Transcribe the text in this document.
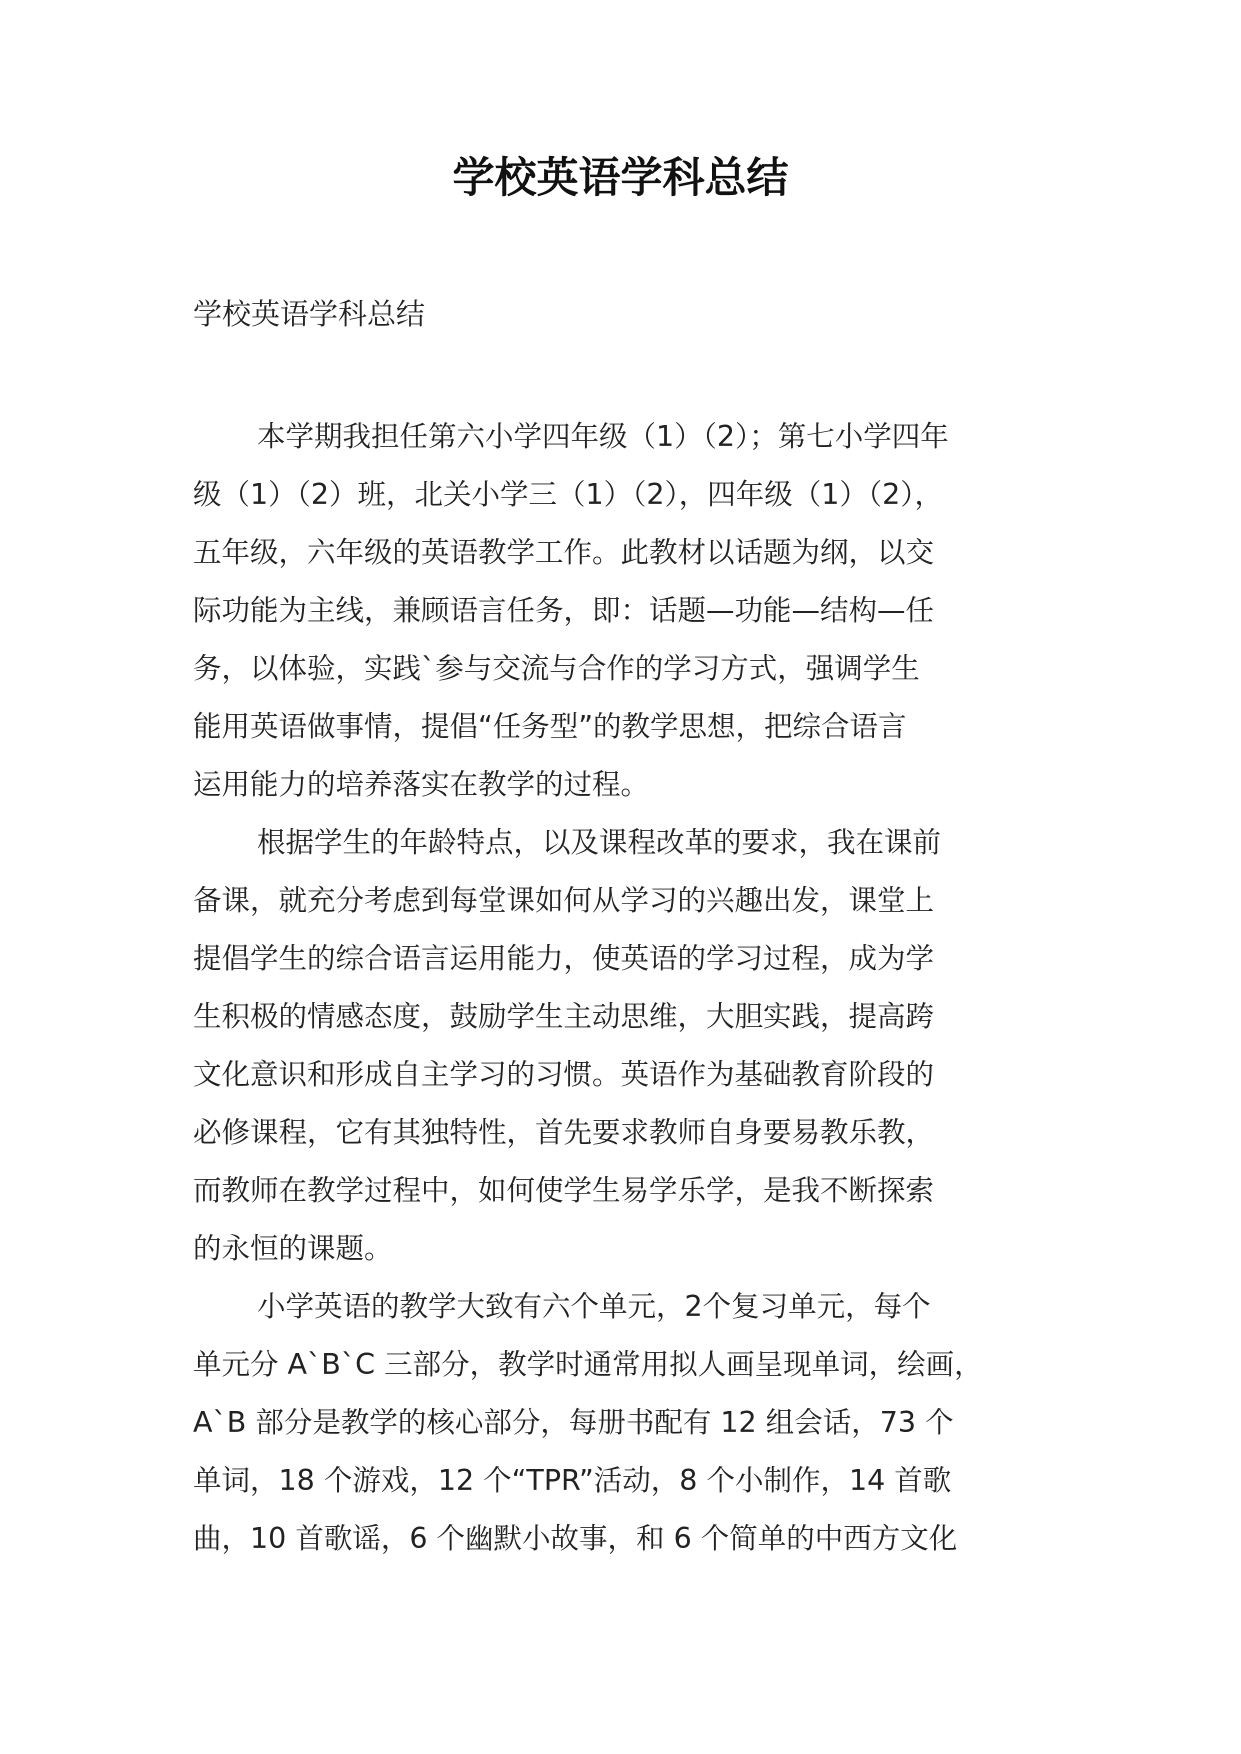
学校英语学科总结

学校英语学科总结

本学期我担任第六小学四年级（1）（2）；第七小学四年
级（1）（2）班，北关小学三（1）（2），四年级（1）（2），
五年级，六年级的英语教学工作。此教材以话题为纲，以交
际功能为主线，兼顾语言任务，即：话题—功能—结构—任
务，以体验，实践`参与交流与合作的学习方式，强调学生
能用英语做事情，提倡“任务型”的教学思想，把综合语言
运用能力的培养落实在教学的过程。

根据学生的年龄特点，以及课程改革的要求，我在课前
备课，就充分考虑到每堂课如何从学习的兴趣出发，课堂上
提倡学生的综合语言运用能力，使英语的学习过程，成为学
生积极的情感态度，鼓励学生主动思维，大胆实践，提高跨
文化意识和形成自主学习的习惯。英语作为基础教育阶段的
必修课程，它有其独特性，首先要求教师自身要易教乐教，
而教师在教学过程中，如何使学生易学乐学，是我不断探索
的永恒的课题。

小学英语的教学大致有六个单元，2个复习单元，每个
单元分 A`B`C 三部分，教学时通常用拟人画呈现单词，绘画，
A`B 部分是教学的核心部分，每册书配有 12 组会话，73 个
单词，18 个游戏，12 个“TPR”活动，8 个小制作，14 首歌
曲，10 首歌谣，6 个幽默小故事，和 6 个简单的中西方文化
